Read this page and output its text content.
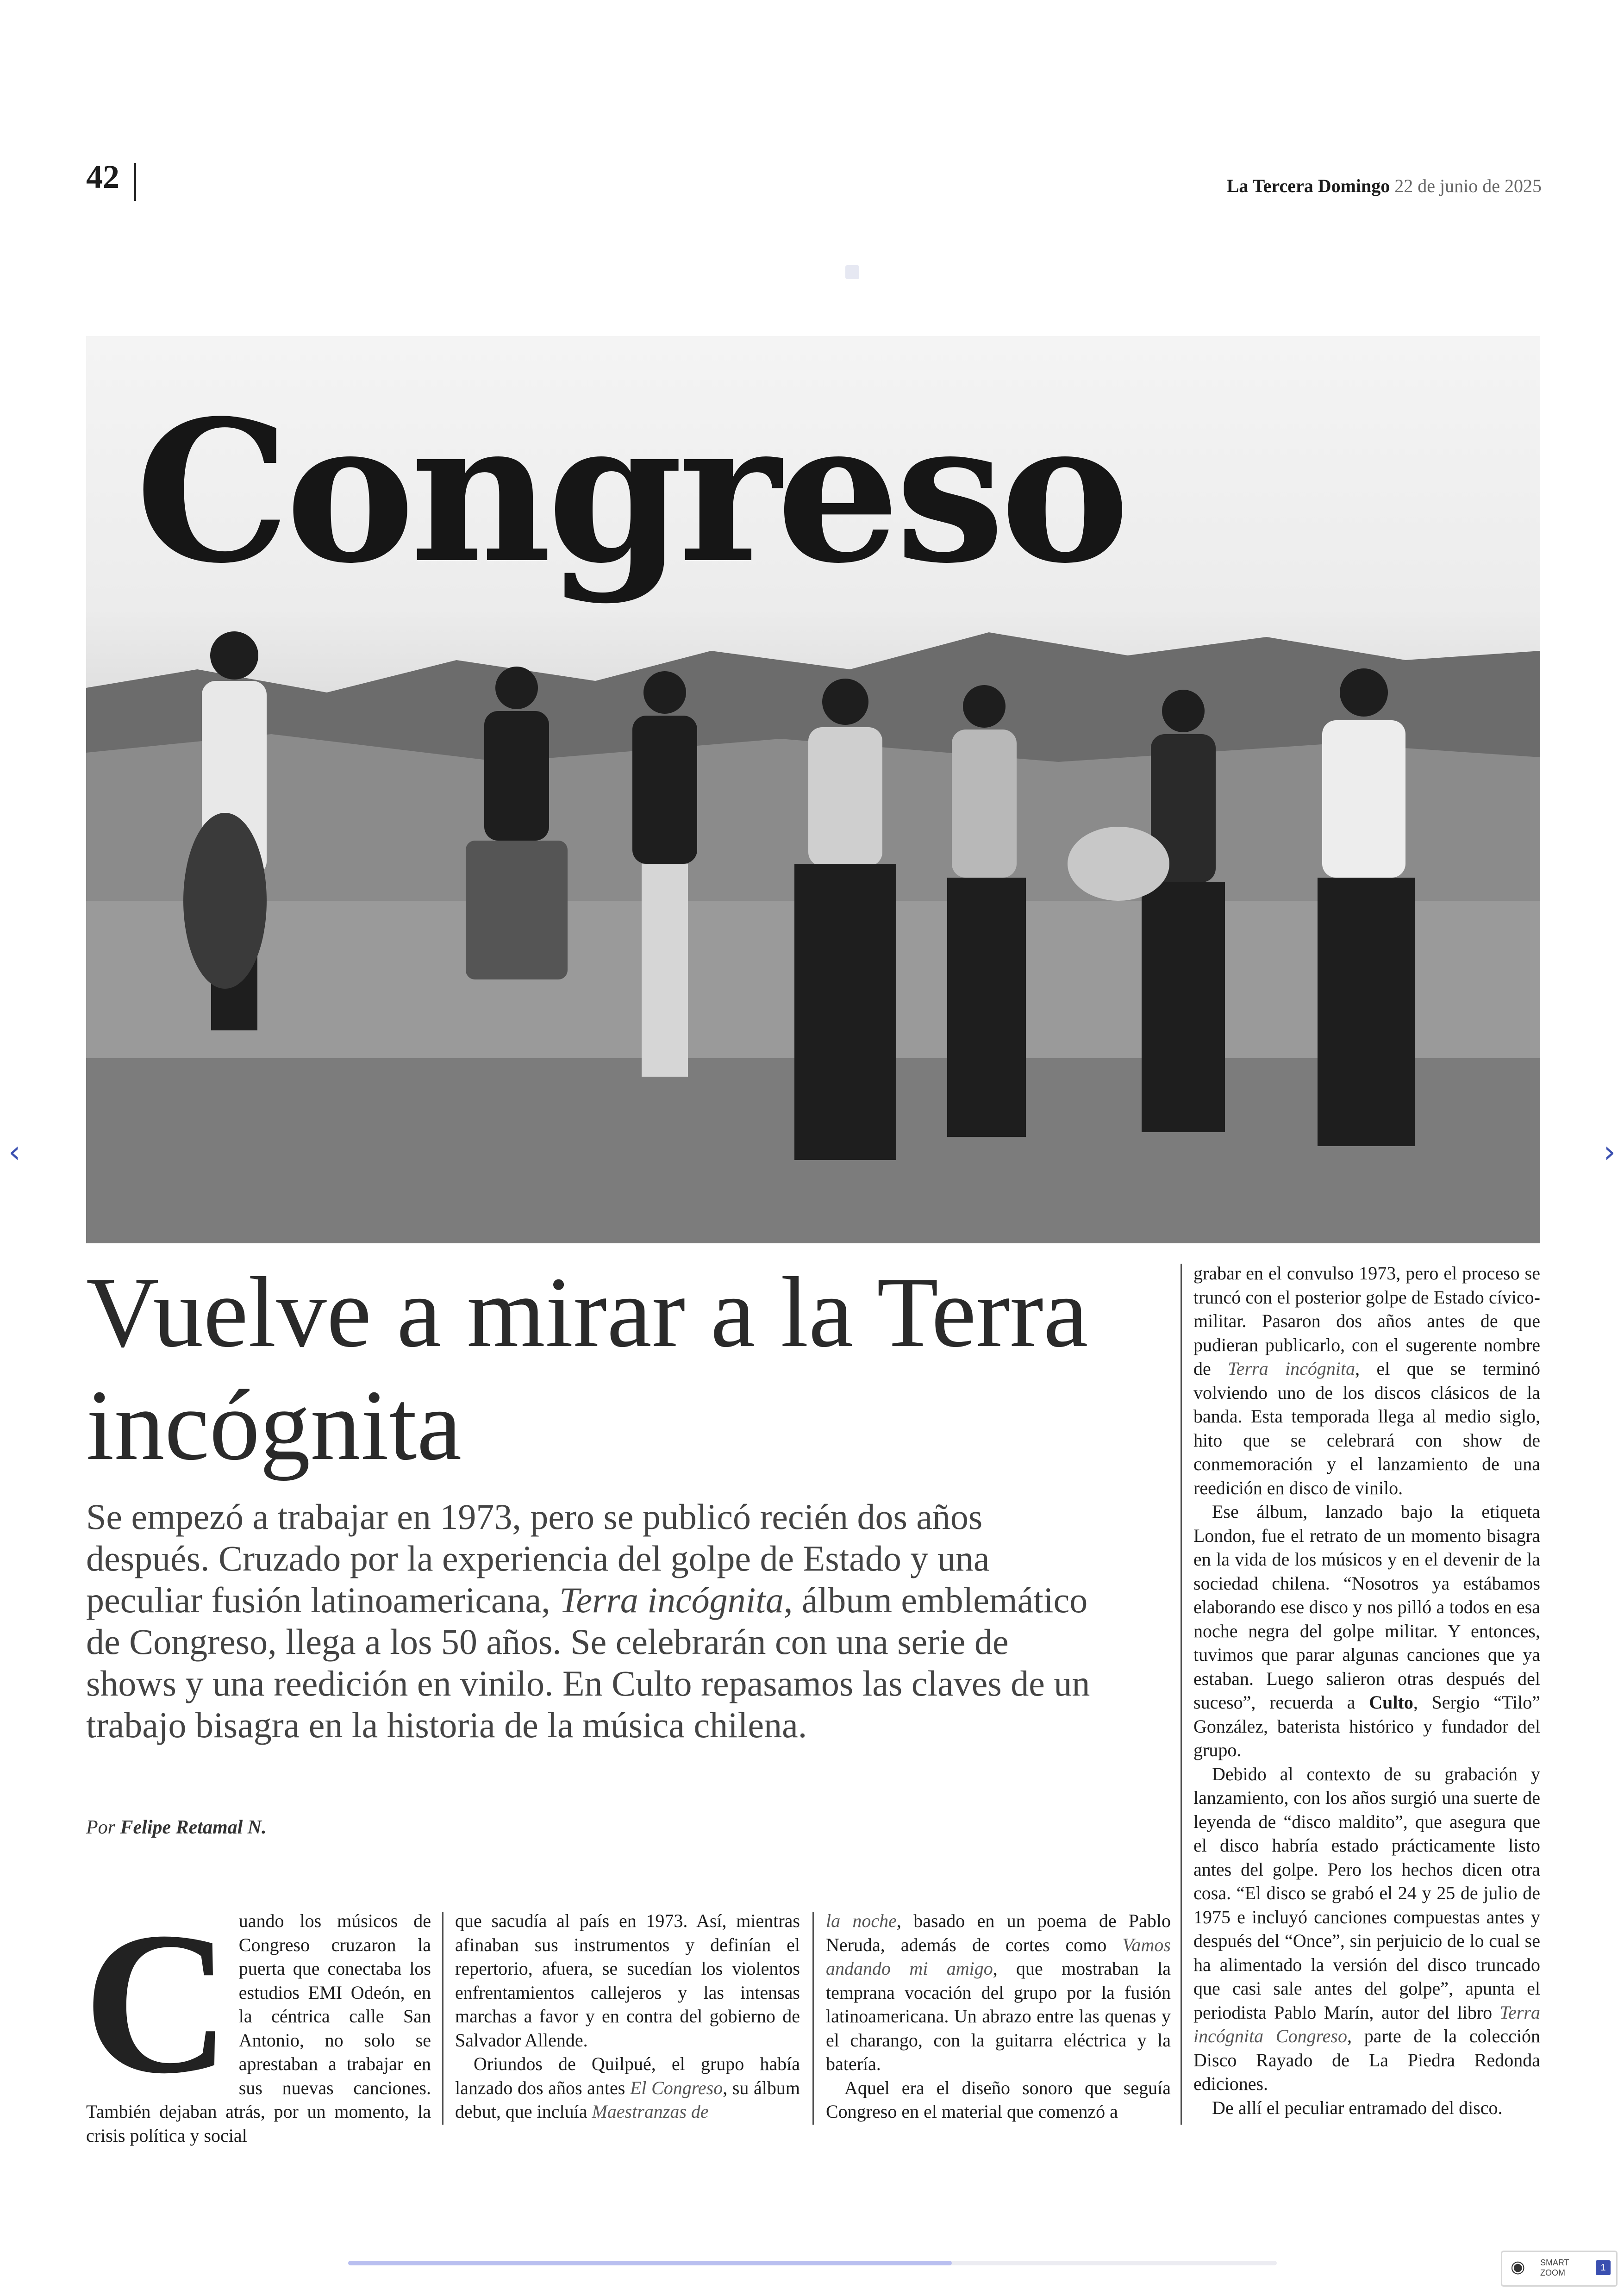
42	La Tercera Domingo 22 de junio de 2025
Congreso
‹	›
Vuelve a mirar a la Terra incógnita
Se empezó a trabajar en 1973, pero se publicó recién dos años después. Cruzado por la experiencia del golpe de Estado y una peculiar fusión latinoamericana, Terra incógnita, álbum emblemático de Congreso, llega a los 50 años. Se celebrarán con una serie de shows y una reedición en vinilo. En Culto repasamos las claves de un trabajo bisagra en la historia de la música chilena.
Por Felipe Retamal N.
C uando los músicos de Congreso cruzaron la puerta que conectaba los estudios EMI Odeón, en la céntrica calle San Antonio, no solo se aprestaban a trabajar en sus nuevas canciones. También dejaban atrás, por un momento, la crisis política y social

que sacudía al país en 1973. Así, mientras afinaban sus instrumentos y definían el repertorio, afuera, se sucedían los violentos enfrentamientos callejeros y las intensas marchas a favor y en contra del gobierno de Salvador Allende.

Oriundos de Quilpué, el grupo había lanzado dos años antes El Congreso, su álbum debut, que incluía Maestranzas de

la noche, basado en un poema de Pablo Neruda, además de cortes como Vamos andando mi amigo, que mostraban la temprana vocación del grupo por la fusión latinoamericana. Un abrazo entre las quenas y el charango, con la guitarra eléctrica y la batería.

Aquel era el diseño sonoro que seguía Congreso en el material que comenzó a

grabar en el convulso 1973, pero el proceso se truncó con el posterior golpe de Estado cívico-militar. Pasaron dos años antes de que pudieran publicarlo, con el sugerente nombre de Terra incógnita, el que se terminó volviendo uno de los discos clásicos de la banda. Esta temporada llega al medio siglo, hito que se celebrará con show de conmemoración y el lanzamiento de una reedición en disco de vinilo.

Ese álbum, lanzado bajo la etiqueta London, fue el retrato de un momento bisagra en la vida de los músicos y en el devenir de la sociedad chilena. “Nosotros ya estábamos elaborando ese disco y nos pilló a todos en esa noche negra del golpe militar. Y entonces, tuvimos que parar algunas canciones que ya estaban. Luego salieron otras después del suceso”, recuerda a Culto, Sergio “Tilo” González, baterista histórico y fundador del grupo.

Debido al contexto de su grabación y lanzamiento, con los años surgió una suerte de leyenda de “disco maldito”, que asegura que el disco habría estado prácticamente listo antes del golpe. Pero los hechos dicen otra cosa. “El disco se grabó el 24 y 25 de julio de 1975 e incluyó canciones compuestas antes y después del “Once”, sin perjuicio de lo cual se ha alimentado la versión del disco truncado que casi sale antes del golpe”, apunta el periodista Pablo Marín, autor del libro Terra incógnita Congreso, parte de la colección Disco Rayado de La Piedra Redonda ediciones.

De allí el peculiar entramado del disco.

◉ SMART ZOOM	1
